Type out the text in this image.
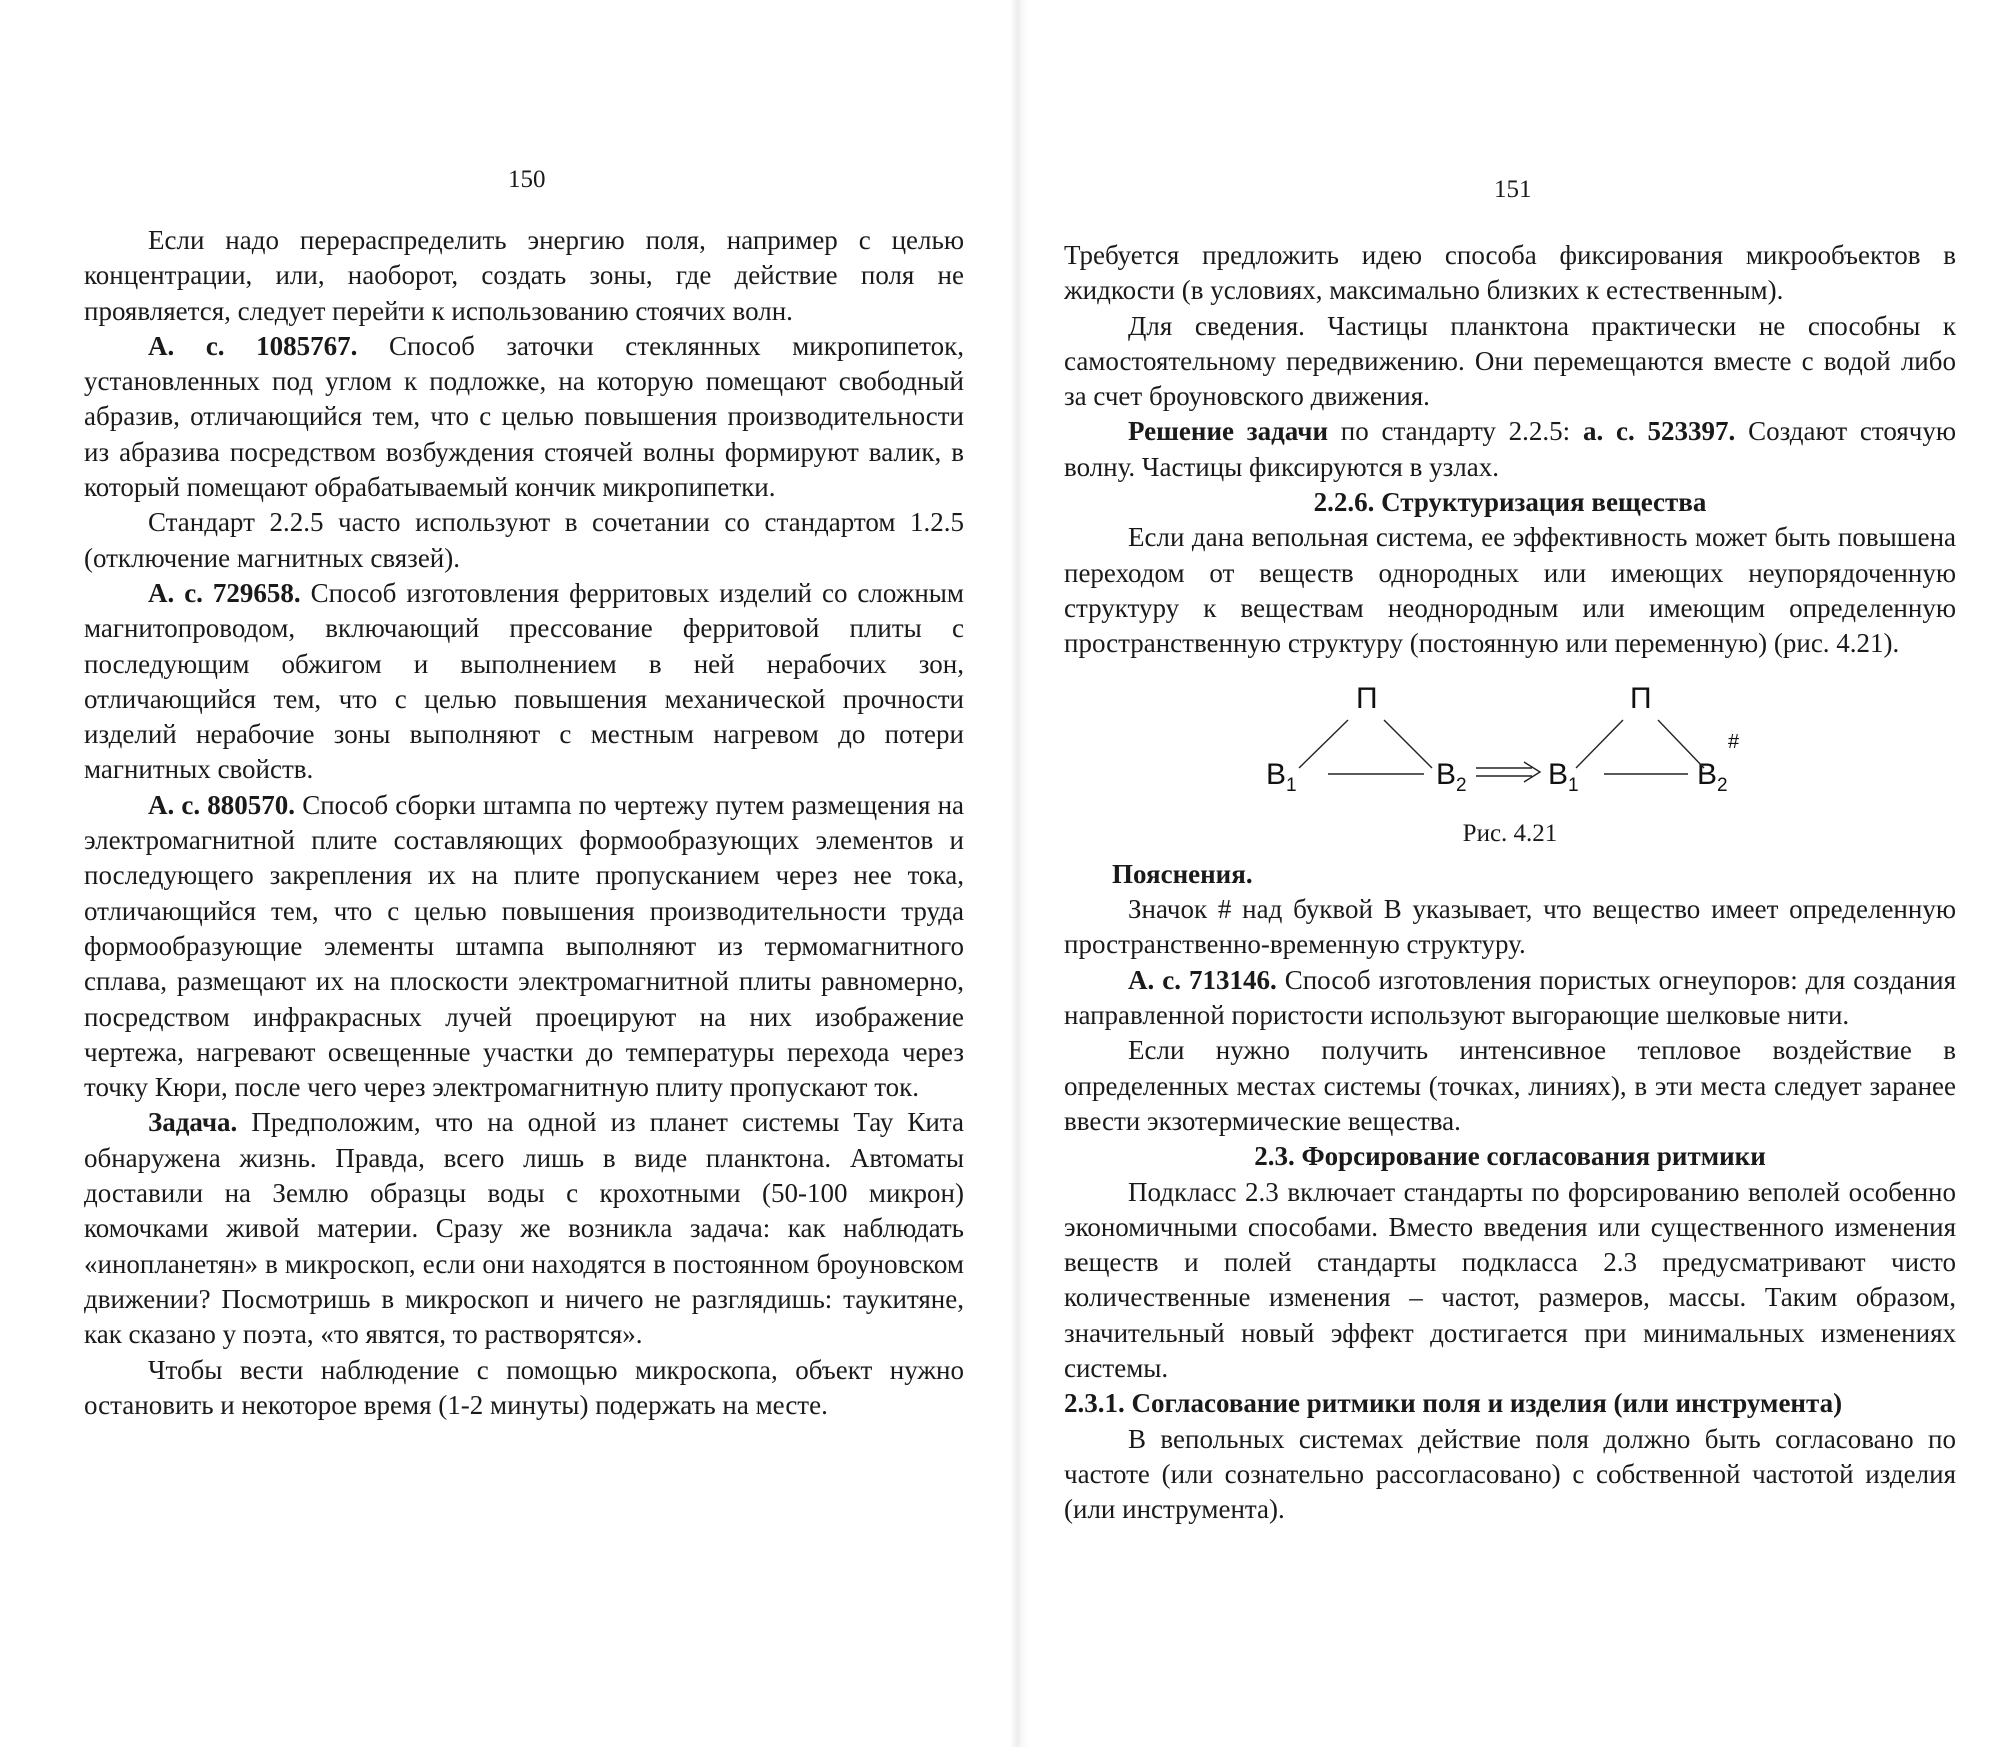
150

Если надо перераспределить энергию поля, например с целью концентрации, или, наоборот, создать зоны, где действие поля не проявляется, следует перейти к использованию стоячих волн.

А. с. 1085767. Способ заточки стеклянных микропипеток, установленных под углом к подложке, на которую помещают свободный абразив, отличающийся тем, что с целью повышения производительности из абразива посредством возбуждения стоячей волны формируют валик, в который помещают обрабатываемый кончик микропипетки.

Стандарт 2.2.5 часто используют в сочетании со стандартом 1.2.5 (отключение магнитных связей).

А. с. 729658. Способ изготовления ферритовых изделий со сложным магнитопроводом, включающий прессование ферритовой плиты с последующим обжигом и выполнением в ней нерабочих зон, отличающийся тем, что с целью повышения механической прочности изделий нерабочие зоны выполняют с местным нагревом до потери магнитных свойств.

А. с. 880570. Способ сборки штампа по чертежу путем размещения на электромагнитной плите составляющих формообразующих элементов и последующего закрепления их на плите пропусканием через нее тока, отличающийся тем, что с целью повышения производительности труда формообразующие элементы штампа выполняют из термомагнитного сплава, размещают их на плоскости электромагнитной плиты равномерно, посредством инфракрасных лучей проецируют на них изображение чертежа, нагревают освещенные участки до температуры перехода через точку Кюри, после чего через электромагнитную плиту пропускают ток.

Задача. Предположим, что на одной из планет системы Тау Кита обнаружена жизнь. Правда, всего лишь в виде планктона. Автоматы доставили на Землю образцы воды с крохотными (50-100 микрон) комочками живой материи. Сразу же возникла задача: как наблюдать «инопланетян» в микроскоп, если они находятся в постоянном броуновском движении? Посмотришь в микроскоп и ничего не разглядишь: таукитяне, как сказано у поэта, «то явятся, то растворятся».

Чтобы вести наблюдение с помощью микроскопа, объект нужно остановить и некоторое время (1-2 минуты) подержать на месте.

151

Требуется предложить идею способа фиксирования микрообъектов в жидкости (в условиях, максимально близких к естественным).

Для сведения. Частицы планктона практически не способны к самостоятельному передвижению. Они перемещаются вместе с водой либо за счет броуновского движения.

Решение задачи по стандарту 2.2.5: а. с. 523397. Создают стоячую волну. Частицы фиксируются в узлах.

2.2.6. Структуризация вещества

Если дана вепольная система, ее эффективность может быть повышена переходом от веществ однородных или имеющих неупорядоченную структуру к веществам неоднородным или имеющим определенную пространственную структуру (постоянную или переменную) (рис. 4.21).

П	П
$В_1$	$В_2$	$В_1$	$В_2$
#

Рис. 4.21

Пояснения.

Значок # над буквой В указывает, что вещество имеет определенную пространственно-временную структуру.

А. с. 713146. Способ изготовления пористых огнеупоров: для создания направленной пористости используют выгорающие шелковые нити.

Если нужно получить интенсивное тепловое воздействие в определенных местах системы (точках, линиях), в эти места следует заранее ввести экзотермические вещества.

2.3. Форсирование согласования ритмики

Подкласс 2.3 включает стандарты по форсированию веполей особенно экономичными способами. Вместо введения или существенного изменения веществ и полей стандарты подкласса 2.3 предусматривают чисто количественные изменения – частот, размеров, массы. Таким образом, значительный новый эффект достигается при минимальных изменениях системы.

2.3.1. Согласование ритмики поля и изделия (или инструмента)

В вепольных системах действие поля должно быть согласовано по частоте (или сознательно рассогласовано) с собственной частотой изделия (или инструмента).
